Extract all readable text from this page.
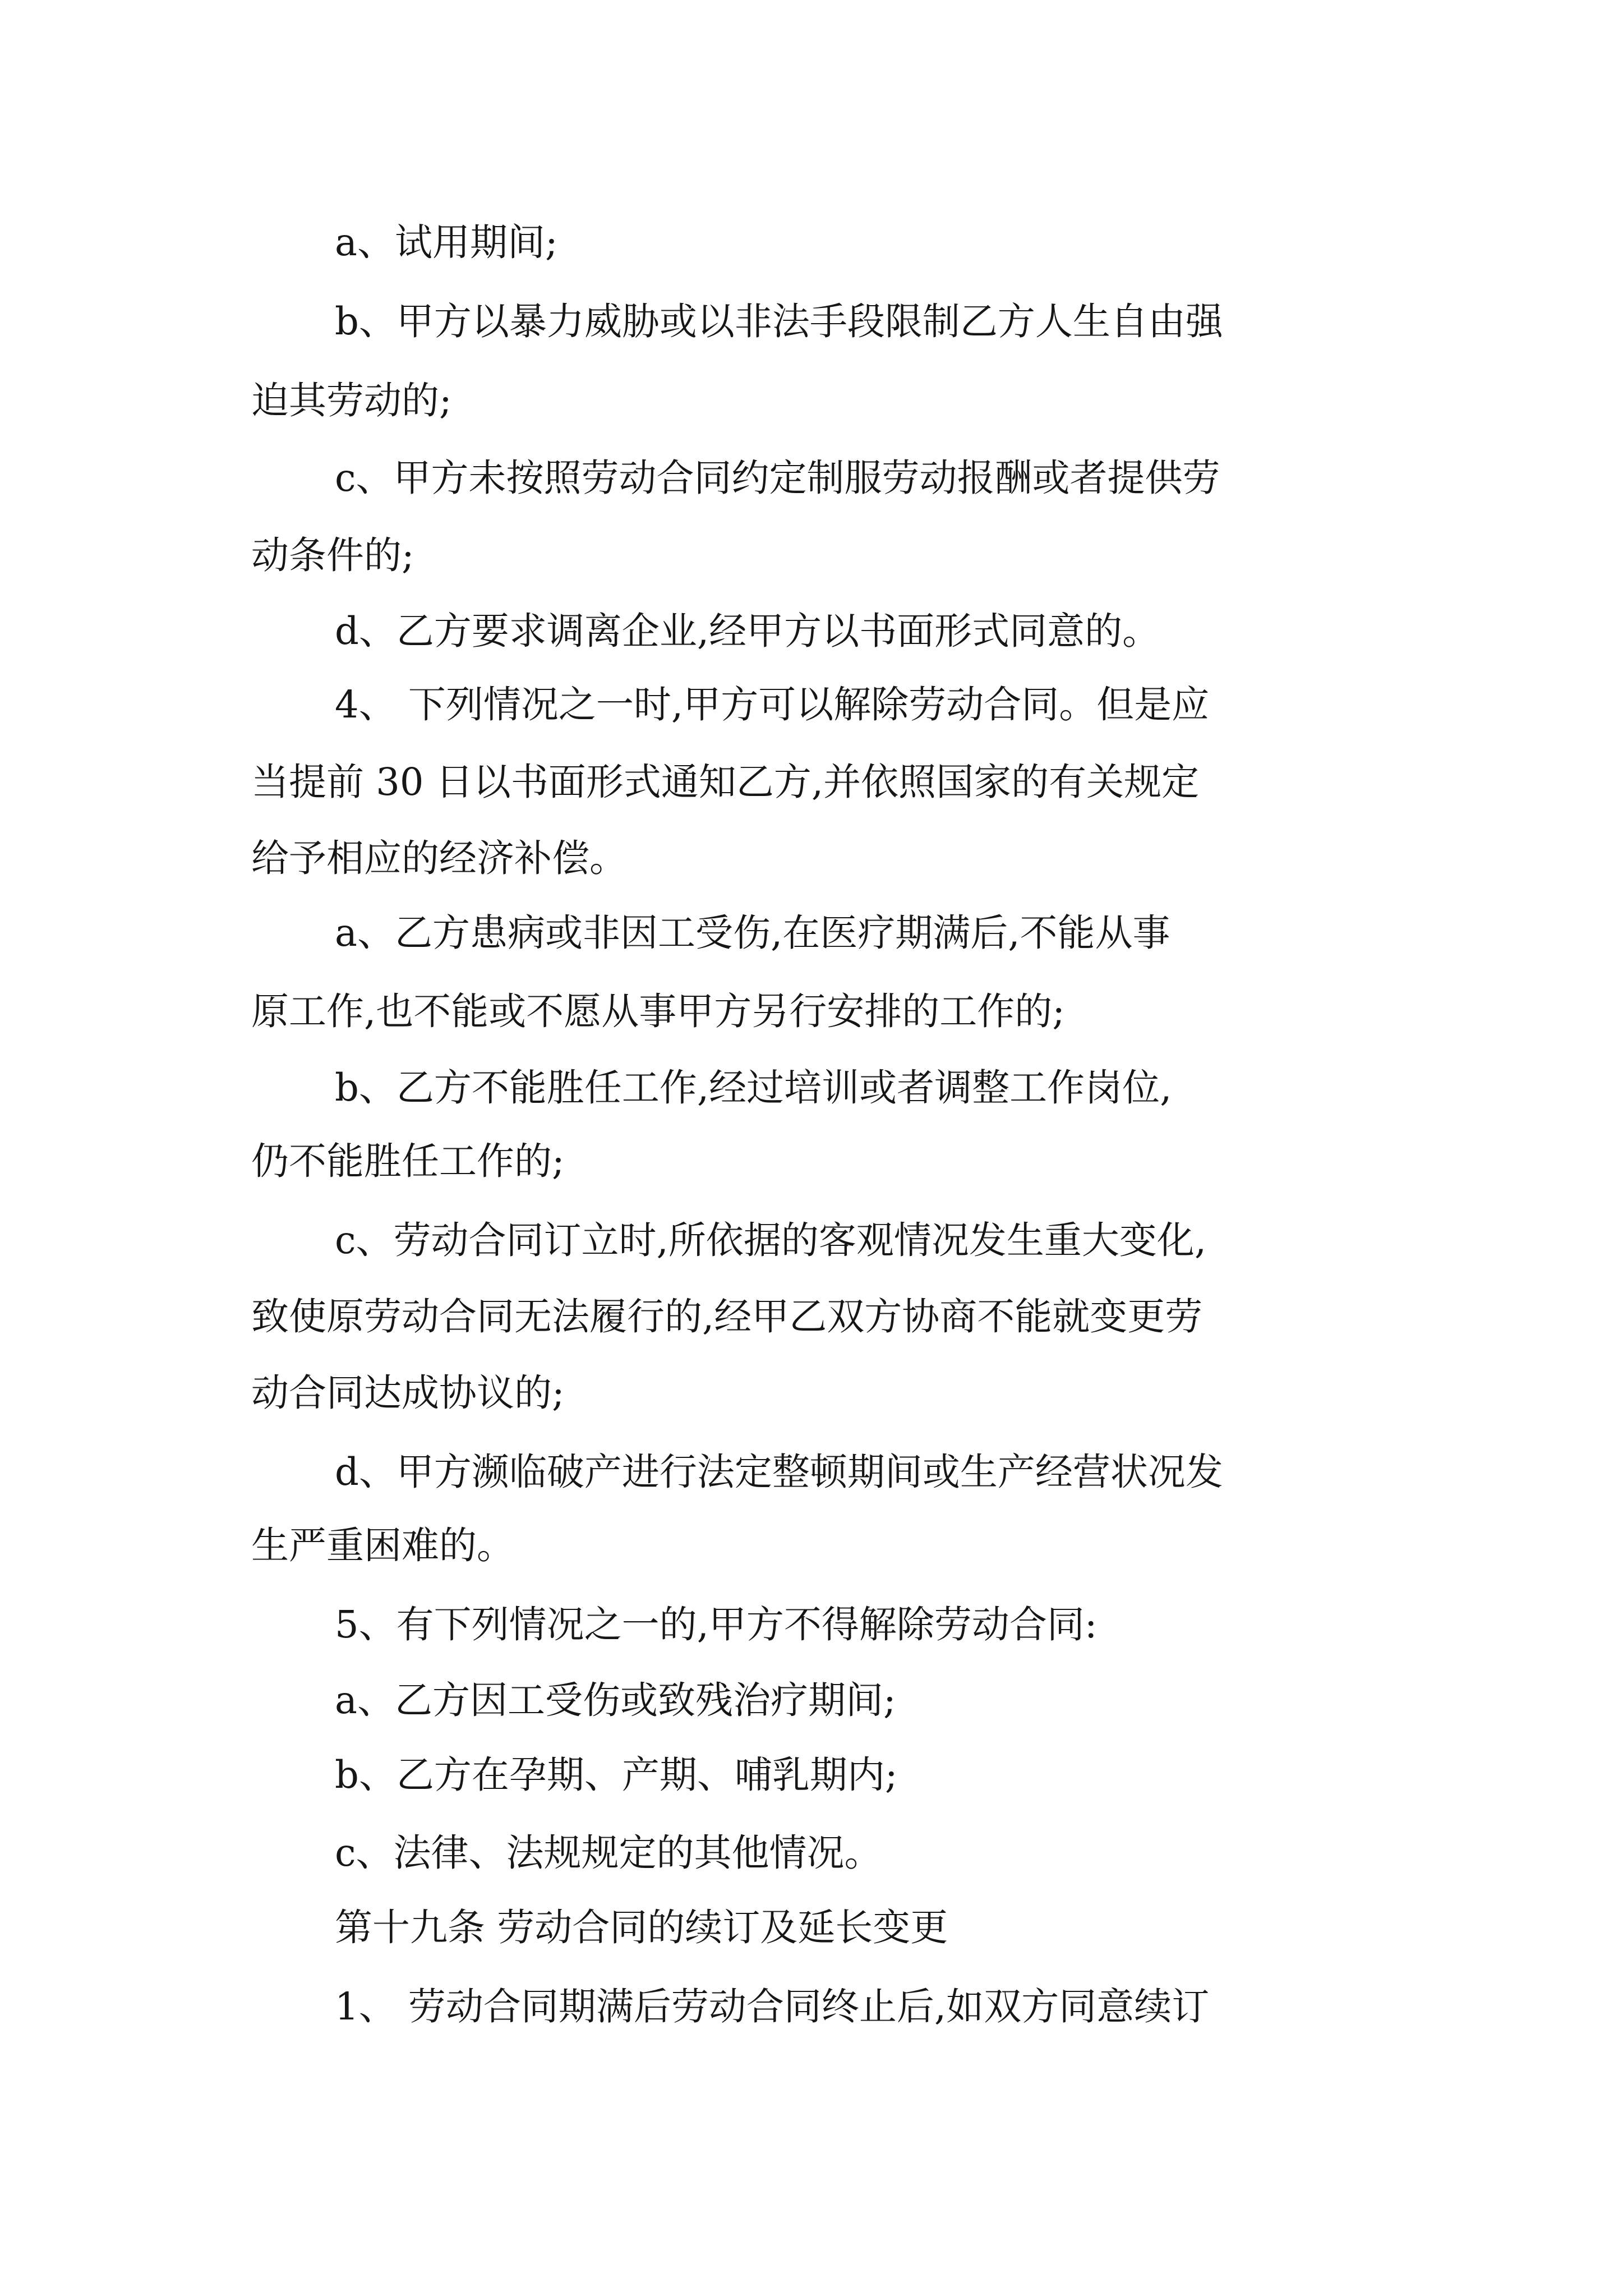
a、试用期间;
b、甲方以暴力威胁或以非法手段限制乙方人生自由强
迫其劳动的;
c、甲方未按照劳动合同约定制服劳动报酬或者提供劳
动条件的;
d、乙方要求调离企业,经甲方以书面形式同意的。
4、 下列情况之一时,甲方可以解除劳动合同。但是应
当提前 30 日以书面形式通知乙方,并依照国家的有关规定
给予相应的经济补偿。
a、乙方患病或非因工受伤,在医疗期满后,不能从事
原工作,也不能或不愿从事甲方另行安排的工作的;
b、乙方不能胜任工作,经过培训或者调整工作岗位,
仍不能胜任工作的;
c、劳动合同订立时,所依据的客观情况发生重大变化,
致使原劳动合同无法履行的,经甲乙双方协商不能就变更劳
动合同达成协议的;
d、甲方濒临破产进行法定整顿期间或生产经营状况发
生严重困难的。
5、有下列情况之一的,甲方不得解除劳动合同:
a、乙方因工受伤或致残治疗期间;
b、乙方在孕期、产期、哺乳期内;
c、法律、法规规定的其他情况。
第十九条 劳动合同的续订及延长变更
1、 劳动合同期满后劳动合同终止后,如双方同意续订
